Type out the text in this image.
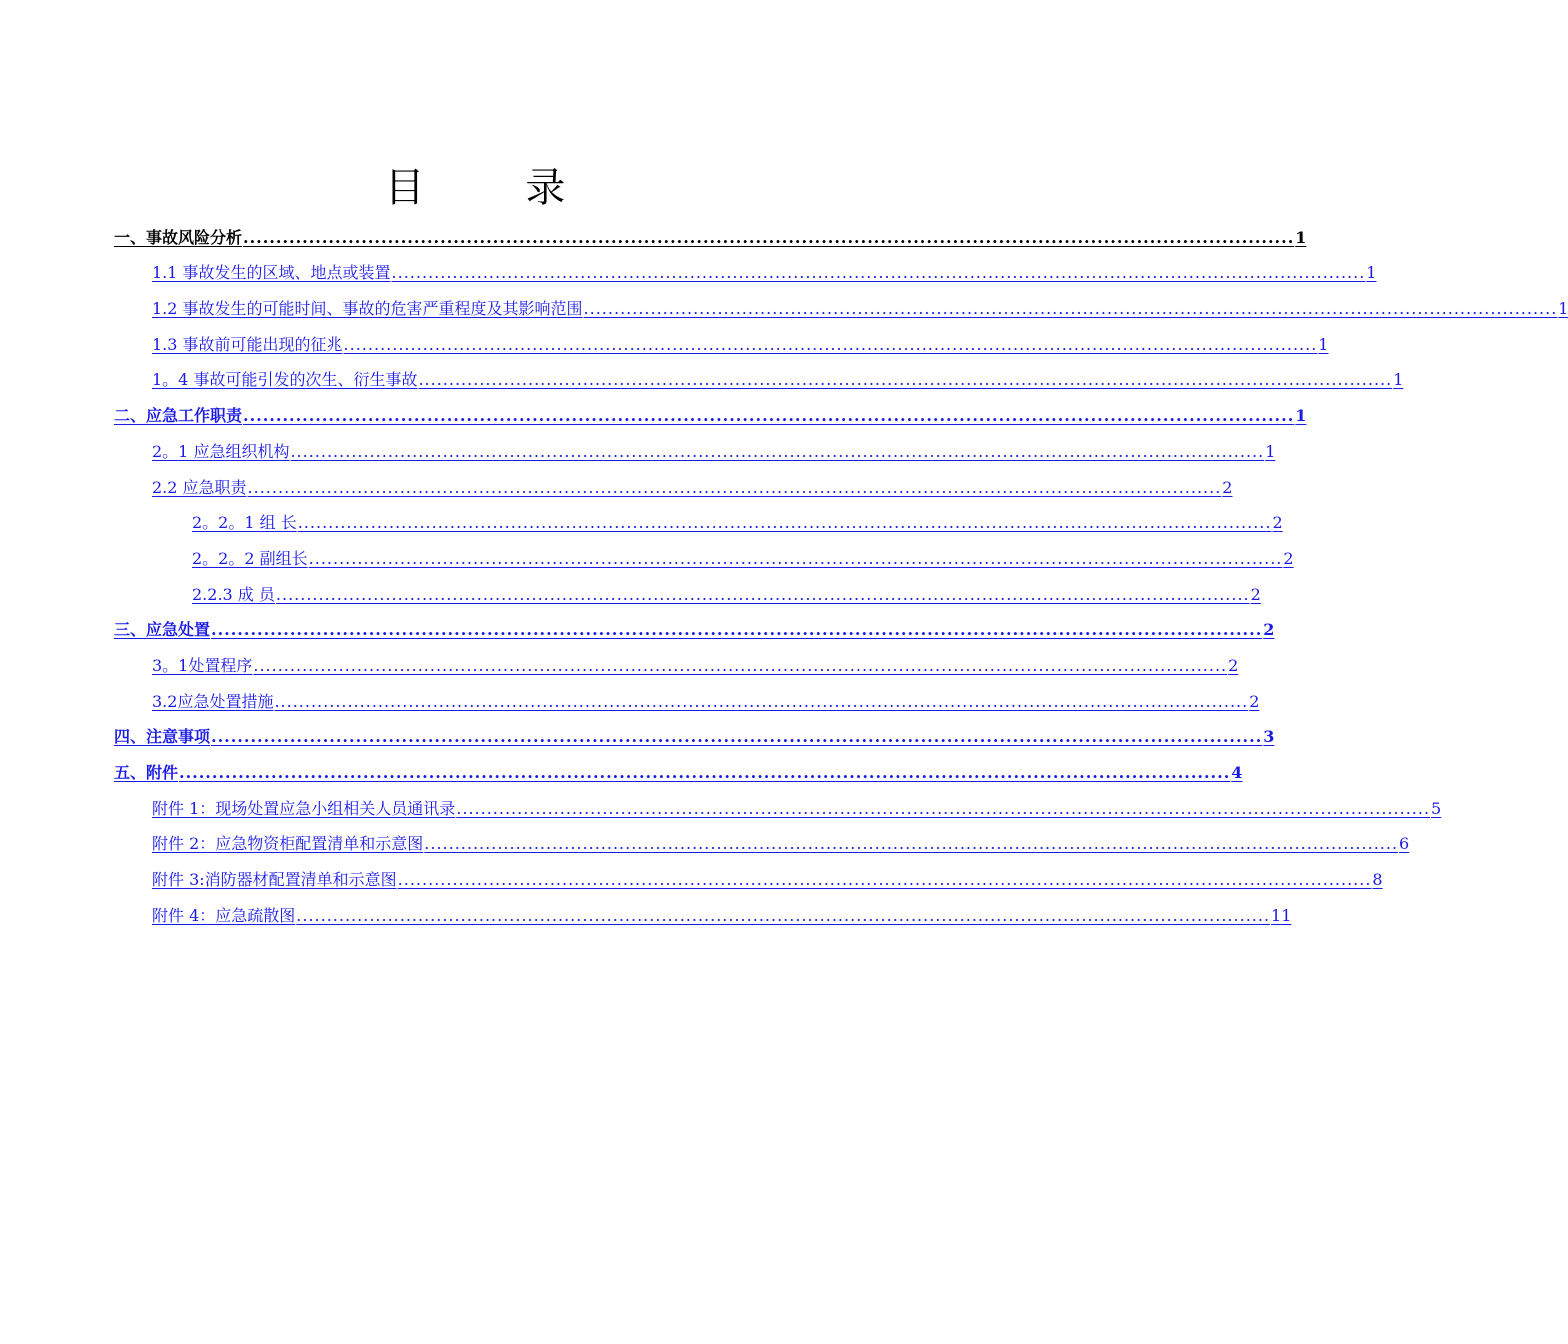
目 录
一、事故风险分析 ................................................................................................................................................................ 1
1.1 事故发生的区域、地点或装置 ................................................................................................................................................................ 1
1.2 事故发生的可能时间、事故的危害严重程度及其影响范围 ................................................................................................................................................................ 1
1.3 事故前可能出现的征兆 ................................................................................................................................................................ 1
1。4 事故可能引发的次生、衍生事故 ................................................................................................................................................................ 1
二、应急工作职责 ................................................................................................................................................................ 1
2。1 应急组织机构 ................................................................................................................................................................ 1
2.2 应急职责 ................................................................................................................................................................ 2
2。2。1 组 长 ................................................................................................................................................................ 2
2。2。2 副组长 ................................................................................................................................................................ 2
2.2.3 成 员 ................................................................................................................................................................ 2
三、应急处置 ................................................................................................................................................................ 2
3。1处置程序 ................................................................................................................................................................ 2
3.2应急处置措施 ................................................................................................................................................................ 2
四、注意事项 ................................................................................................................................................................ 3
五、附件 ................................................................................................................................................................ 4
附件 1：现场处置应急小组相关人员通讯录 ................................................................................................................................................................ 5
附件 2：应急物资柜配置清单和示意图 ................................................................................................................................................................ 6
附件 3:消防器材配置清单和示意图 ................................................................................................................................................................ 8
附件 4：应急疏散图 ................................................................................................................................................................ 11
